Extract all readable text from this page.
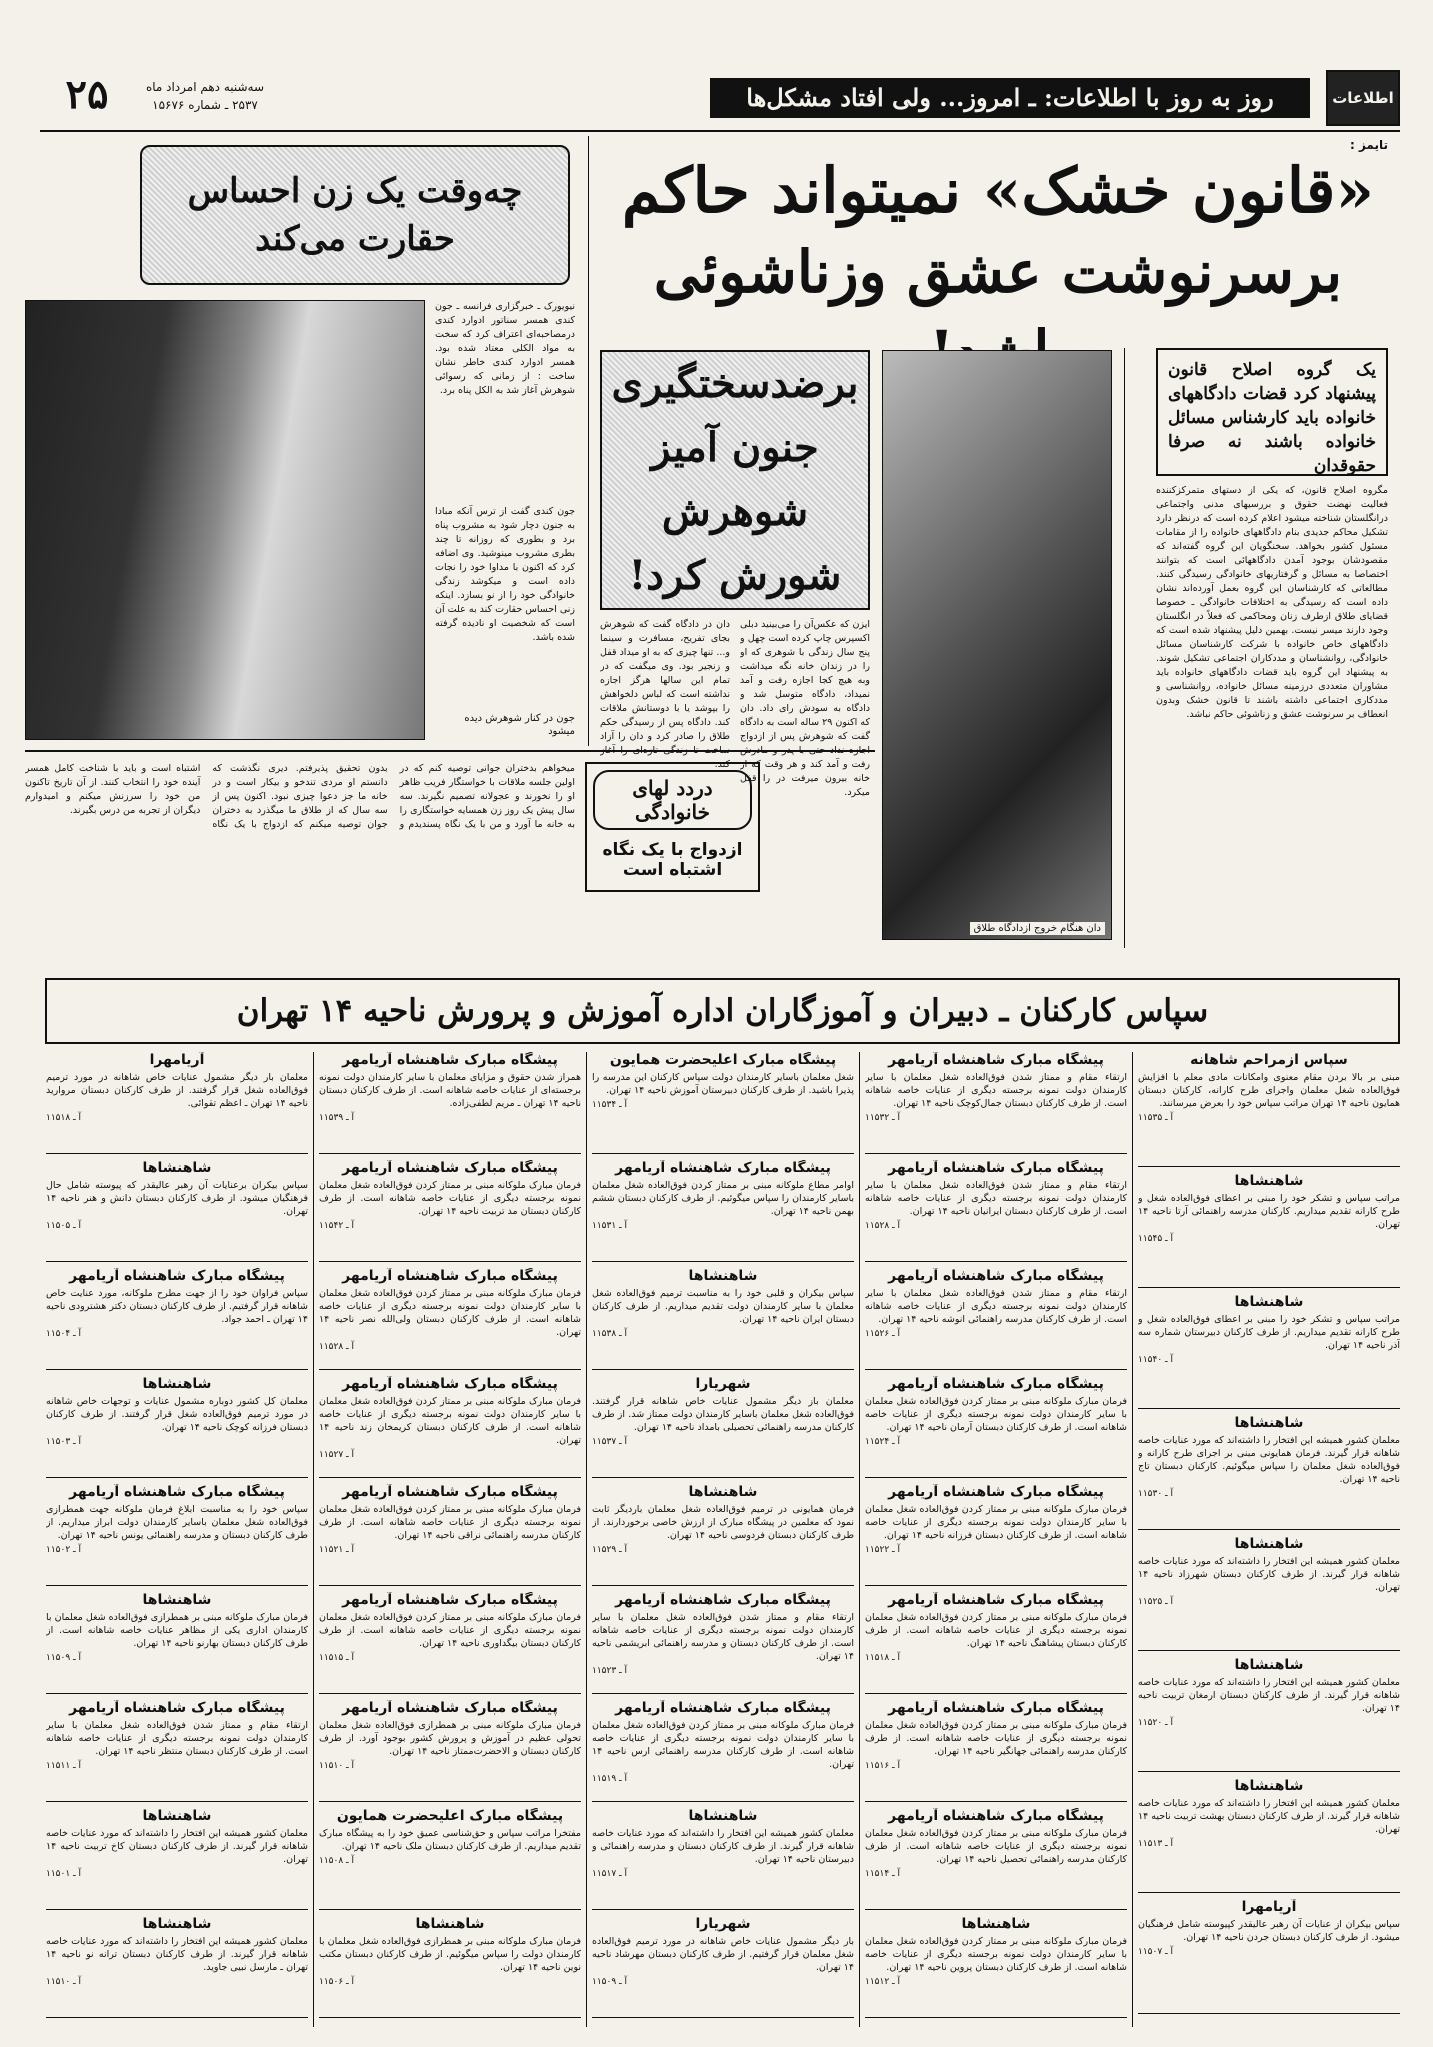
اطلاعات
روز به روز با اطلاعات: ـ امروز... ولی افتاد مشکل‌ها
سه‌شنبه دهم امرداد ماه
۲۵۳۷ ـ شماره ۱۵۶۷۶
۲۵
تایمز :
«قانون خشک» نمیتواند حاکم
برسرنوشت عشق وزناشوئی
یک گروه اصلاح قانون پیشنهاد کرد قضات دادگاههای خانواده باید کارشناس مسائل خانواده باشند نه صرفا حقوقدان
مگروه اصلاح قانون، که یکی از دستهای متمرکزکننده فعالیت نهضت حقوق و بررسیهای مدنی واجتماعی درانگلستان شناخته میشود اعلام کرده است که درنظر دارد تشکیل محاکم جدیدی بنام دادگاههای خانواده را از مقامات مسئول کشور بخواهد. سخنگویان این گروه گفته‌اند که مقصودشان بوجود آمدن دادگاههائی است که بتوانند اختصاصا به مسائل و گرفتاریهای خانوادگی رسیدگی کنند. مطالعاتی که کارشناسان این گروه بعمل آورده‌اند نشان داده است که رسیدگی به اختلافات خانوادگی ـ خصوصا قضایای طلاق ازطرف زنان ومحاکمی که فعلاً در انگلستان وجود دارند میسر نیست. بهمین دلیل پیشنهاد شده است که دادگاههای خاص خانواده با شرکت کارشناسان مسائل خانوادگی، روانشناسان و مددکاران اجتماعی تشکیل شوند. به پیشنهاد این گروه باید قضات دادگاههای خانواده باید مشاوران متعددی درزمینه مسائل خانواده، روانشناسی و مددکاری اجتماعی داشته باشند تا قانون خشک وبدون انعطاف بر سرنوشت عشق و زناشوئی حاکم نباشد.
دان هنگام خروج ازدادگاه طلاق
برضدسختگیری جنون آمیز شوهرش شورش کرد!
ایزن که عکس‌آن‌ را می‌بینید دبلی اکسپرس چاپ کرده است چهل و پنج سال زندگی با شوهری که او را در زندان خانه نگه میداشت وبه هیچ کجا اجازه رفت و آمد نمیداد، دادگاه متوسل شد و دادگاه به سودش رای داد. دان که اکنون ۲۹ ساله است به دادگاه گفت که شوهرش پس از ازدواج اجازه نداد حتی با پدر و مادرش رفت و آمد کند و هر وقت که از خانه بیرون میرفت در را قفل میکرد.
دان در دادگاه گفت که شوهرش بجای تفریح، مسافرت و سینما و... تنها چیزی که به او میداد قفل و زنجیر بود. وی میگفت که در تمام این سالها هرگز اجازه نداشته است که لباس دلخواهش را بپوشد یا با دوستانش ملاقات کند. دادگاه پس از رسیدگی حکم طلاق را صادر کرد و دان را آزاد ساخت تا زندگی تازه‌ای را آغاز کند.
چه‌وقت یک زن احساس حقارت می‌کند
نیویورک ـ خبرگزاری فرانسه ـ جون کندی همسر سناتور ادوارد کندی درمصاحبه‌ای اعتراف کرد که سخت به مواد الکلی معتاد شده بود. همسر ادوارد کندی خاطر نشان ساخت : از زمانی که رسوائی شوهرش آغاز شد به الکل پناه برد.
جون کندی گفت از ترس آنکه مبادا به جنون دچار شود به مشروب پناه برد و بطوری که روزانه تا چند بطری مشروب مینوشید. وی اضافه کرد که اکنون با مداوا خود را نجات داده است و میکوشد زندگی خانوادگی خود را از نو بسازد. اینکه زنی احساس حقارت کند به علت آن است که شخصیت او نادیده گرفته شده باشد.
جون در کنار شوهرش دیده میشود
دردد لهای خانوادگی
ازدواج با یک نگاه
اشتباه است
میخواهم بدختران جوانی توصیه کنم که در اولین جلسه ملاقات با خواستگار فریب ظاهر او را نخورند و عجولانه تصمیم نگیرند. سه سال پیش یک روز زن همسایه خواستگاری را به خانه ما آورد و من با یک نگاه پسندیدم و بدون تحقیق پذیرفتم. دیری نگذشت که دانستم او مردی تندخو و بیکار است و در خانه ما جز دعوا چیزی نبود. اکنون پس از سه سال که از طلاق ما میگذرد به دختران جوان توصیه میکنم که ازدواج با یک نگاه اشتباه است و باید با شناخت کامل همسر آینده خود را انتخاب کنند. از آن تاریخ تاکنون من خود را سرزنش میکنم و امیدوارم دیگران از تجربه من درس بگیرند.
سپاس کارکنان ـ دبیران و آموزگاران اداره آموزش و پرورش ناحیه ۱۴ تهران
سپاس ازمراحم شاهانه

مبنی بر بالا بردن مقام معنوی وامکانات مادی معلم با افزایش فوق‌العاده شغل معلمان واجرای طرح کارانه، کارکنان دبستان همایون ناحیه ۱۴ تهران مراتب سپاس خود را بعرض میرسانند.

آ ـ ۱۱۵۳۵

شاهنشاها

مراتب سپاس و تشکر خود را مبنی بر اعطای فوق‌العاده شغل و طرح کارانه تقدیم میداریم. کارکنان مدرسه راهنمائی آرتا ناحیه ۱۴ تهران.

آ ـ ۱۱۵۴۵

شاهنشاها

مراتب سپاس و تشکر خود را مبنی بر اعطای فوق‌العاده شغل و طرح کارانه تقدیم میداریم. از طرف کارکنان دبیرستان شماره سه آذر ناحیه ۱۴ تهران.

آ ـ ۱۱۵۴۰

شاهنشاها

معلمان کشور همیشه این افتخار را داشته‌اند که مورد عنایات خاصه شاهانه قرار گیرند. فرمان همایونی مبنی بر اجرای طرح کارانه و فوق‌العاده شغل معلمان را سپاس میگوئیم. کارکنان دبستان تاج ناحیه ۱۴ تهران.

آ ـ ۱۱۵۳۰

شاهنشاها

معلمان کشور همیشه این افتخار را داشته‌اند که مورد عنایات خاصه شاهانه قرار گیرند. از طرف کارکنان دبستان شهرزاد ناحیه ۱۴ تهران.

آ ـ ۱۱۵۲۵

شاهنشاها

معلمان کشور همیشه این افتخار را داشته‌اند که مورد عنایات خاصه شاهانه قرار گیرند. از طرف کارکنان دبستان ارمغان تربیت ناحیه ۱۴ تهران.

آ ـ ۱۱۵۲۰

شاهنشاها

معلمان کشور همیشه این افتخار را داشته‌اند که مورد عنایات خاصه شاهانه قرار گیرند. از طرف کارکنان دبستان بهشت تربیت ناحیه ۱۴ تهران.

آ ـ ۱۱۵۱۳

آریامهرا

سپاس بیکران از عنایات آن رهبر عالیقدر کپیوسته شامل فرهنگیان میشود. از طرف کارکنان دبستان جردن ناحیه ۱۴ تهران.

آ ـ ۱۱۵۰۷

پیشگاه مبارک شاهنشاه آریامهر

ارتقاء مقام و ممتاز شدن فوق‌العاده شغل معلمان با سایر کارمندان دولت نمونه برجسته دیگری از عنایات خاصه شاهانه است. از طرف کارکنان دبستان جمال‌کوچک ناحیه ۱۴ تهران.

آ ـ ۱۱۵۳۲

پیشگاه مبارک شاهنشاه آریامهر

ارتقاء مقام و ممتاز شدن فوق‌العاده شغل معلمان با سایر کارمندان دولت نمونه برجسته دیگری از عنایات خاصه شاهانه است. از طرف کارکنان دبستان ایرانیان ناحیه ۱۴ تهران.

آ ـ ۱۱۵۲۸

پیشگاه مبارک شاهنشاه آریامهر

ارتقاء مقام و ممتاز شدن فوق‌العاده شغل معلمان با سایر کارمندان دولت نمونه برجسته دیگری از عنایات خاصه شاهانه است. از طرف کارکنان مدرسه راهنمائی انوشه ناحیه ۱۴ تهران.

آ ـ ۱۱۵۲۶

پیشگاه مبارک شاهنشاه آریامهر

فرمان مبارک ملوکانه مبنی بر ممتاز کردن فوق‌العاده شغل معلمان با سایر کارمندان دولت نمونه برجسته دیگری از عنایات خاصه شاهانه است. از طرف کارکنان دبستان آرمان ناحیه ۱۴ تهران.

آ ـ ۱۱۵۲۴

پیشگاه مبارک شاهنشاه آریامهر

فرمان مبارک ملوکانه مبنی بر ممتاز کردن فوق‌العاده شغل معلمان با سایر کارمندان دولت نمونه برجسته دیگری از عنایات خاصه شاهانه است. از طرف کارکنان دبستان فرزانه ناحیه ۱۴ تهران.

آ ـ ۱۱۵۲۲

پیشگاه مبارک شاهنشاه آریامهر

فرمان مبارک ملوکانه مبنی بر ممتاز کردن فوق‌العاده شغل معلمان نمونه برجسته دیگری از عنایات خاصه شاهانه است. از طرف کارکنان دبستان پیشاهنگ ناحیه ۱۴ تهران.

آ ـ ۱۱۵۱۸

پیشگاه مبارک شاهنشاه آریامهر

فرمان مبارک ملوکانه مبنی بر ممتاز کردن فوق‌العاده شغل معلمان نمونه برجسته دیگری از عنایات خاصه شاهانه است. از طرف کارکنان مدرسه راهنمائی جهانگیر ناحیه ۱۴ تهران.

آ ـ ۱۱۵۱۶

پیشگاه مبارک شاهنشاه آریامهر

فرمان مبارک ملوکانه مبنی بر ممتاز کردن فوق‌العاده شغل معلمان نمونه برجسته دیگری از عنایات خاصه شاهانه است. از طرف کارکنان مدرسه راهنمائی تحصیل ناحیه ۱۴ تهران.

آ ـ ۱۱۵۱۴

شاهنشاها

فرمان مبارک ملوکانه مبنی بر ممتاز کردن فوق‌العاده شغل معلمان با سایر کارمندان دولت نمونه برجسته دیگری از عنایات خاصه شاهانه است. از طرف کارکنان دبستان پروین ناحیه ۱۴ تهران.

آ ـ ۱۱۵۱۲

پیشگاه مبارک اعلیحضرت همایون

شغل معلمان باسایر کارمندان دولت سپاس کارکنان این مدرسه را پذیرا باشید. از طرف کارکنان دبیرستان آموزش ناحیه ۱۴ تهران.

آ ـ ۱۱۵۳۴

پیشگاه مبارک شاهنشاه آریامهر

اوامر مطاع ملوکانه مبنی بر ممتاز کردن فوق‌العاده شغل معلمان باسایر کارمندان را سپاس میگوئیم. از طرف کارکنان دبستان ششم بهمن ناحیه ۱۴ تهران.

آ ـ ۱۱۵۳۱

شاهنشاها

سپاس بیکران و قلبی خود را به مناسبت ترمیم فوق‌العاده شغل معلمان با سایر کارمندان دولت تقدیم میداریم. از طرف کارکنان دبستان ایران ناحیه ۱۴ تهران.

آ ـ ۱۱۵۳۸

شهریارا

معلمان باز دیگر مشمول عنایات خاص شاهانه قرار گرفتند. فوق‌العاده شغل معلمان باسایر کارمندان دولت ممتاز شد. از طرف کارکنان مدرسه راهنمائی تحصیلی بامداد ناحیه ۱۴ تهران.

آ ـ ۱۱۵۳۷

شاهنشاها

فرمان همایونی در ترمیم فوق‌العاده شغل معلمان باردیگر ثابت نمود که معلمین در پیشگاه مبارک از ارزش خاصی برخوردارند. از طرف کارکنان دبستان فردوسی ناحیه ۱۴ تهران.

آ ـ ۱۱۵۲۹

پیشگاه مبارک شاهنشاه آریامهر

ارتقاء مقام و ممتاز شدن فوق‌العاده شغل معلمان با سایر کارمندان دولت نمونه برجسته دیگری از عنایات خاصه شاهانه است. از طرف کارکنان دبستان و مدرسه راهنمائی ابریشمی ناحیه ۱۴ تهران.

آ ـ ۱۱۵۲۳

پیشگاه مبارک شاهنشاه آریامهر

فرمان مبارک ملوکانه مبنی بر ممتاز کردن فوق‌العاده شغل معلمان با سایر کارمندان دولت نمونه برجسته دیگری از عنایات خاصه شاهانه است. از طرف کارکنان مدرسه راهنمائی ارس ناحیه ۱۴ تهران.

آ ـ ۱۱۵۱۹

شاهنشاها

معلمان کشور همیشه این افتخار را داشته‌اند که مورد عنایات خاصه شاهانه قرار گیرند. از طرف کارکنان دبستان و مدرسه راهنمائی و دبیرستان ناحیه ۱۴ تهران.

آ ـ ۱۱۵۱۷

شهریارا

بار دیگر مشمول عنایات خاص شاهانه در مورد ترمیم فوق‌العاده شغل معلمان قرار گرفتیم. از طرف کارکنان دبستان مهرشاد ناحیه ۱۴ تهران.

آ ـ ۱۱۵۰۹

پیشگاه مبارک شاهنشاه آریامهر

همراز شدن حقوق و مزایای معلمان با سایر کارمندان دولت نمونه برجسته‌ای از عنایات خاصه شاهانه است. از طرف کارکنان دبستان ناحیه ۱۴ تهران ـ مریم لطفی‌زاده.

آ ـ ۱۱۵۳۹

پیشگاه مبارک شاهنشاه آریامهر

فرمان مبارک ملوکانه مبنی بر ممتاز کردن فوق‌العاده شغل معلمان نمونه برجسته دیگری از عنایات خاصه شاهانه است. از طرف کارکنان دبستان مد تربیت ناحیه ۱۴ تهران.

آ ـ ۱۱۵۴۲

پیشگاه مبارک شاهنشاه آریامهر

فرمان مبارک ملوکانه مبنی بر ممتاز کردن فوق‌العاده شغل معلمان با سایر کارمندان دولت نمونه برجسته دیگری از عنایات خاصه شاهانه است. از طرف کارکنان دبستان ولی‌الله نصر ناحیه ۱۴ تهران.

آ ـ ۱۱۵۲۸

پیشگاه مبارک شاهنشاه آریامهر

فرمان مبارک ملوکانه مبنی بر ممتاز کردن فوق‌العاده شغل معلمان با سایر کارمندان دولت نمونه برجسته دیگری از عنایات خاصه شاهانه است. از طرف کارکنان دبستان کریمخان زند ناحیه ۱۴ تهران.

آ ـ ۱۱۵۲۷

پیشگاه مبارک شاهنشاه آریامهر

فرمان مبارک ملوکانه مبنی بر ممتاز کردن فوق‌العاده شغل معلمان نمونه برجسته دیگری از عنایات خاصه شاهانه است. از طرف کارکنان مدرسه راهنمائی نراقی ناحیه ۱۴ تهران.

آ ـ ۱۱۵۲۱

پیشگاه مبارک شاهنشاه آریامهر

فرمان مبارک ملوکانه مبنی بر ممتاز کردن فوق‌العاده شغل معلمان نمونه برجسته دیگری از عنایات خاصه شاهانه است. از طرف کارکنان دبستان بیگداوری ناحیه ۱۴ تهران.

آ ـ ۱۱۵۱۵

پیشگاه مبارک شاهنشاه آریامهر

فرمان مبارک ملوکانه مبنی بر همطرازی فوق‌العاده شغل معلمان تحولی عظیم در آموزش و پرورش کشور بوجود آورد. از طرف کارکنان دبستان و الاحضرت‌ممتاز ناحیه ۱۴ تهران.

آ ـ ۱۱۵۱۰

پیشگاه مبارک اعلیحضرت همایون

مفتخرا مراتب سپاس و حق‌شناسی عمیق خود را به پیشگاه مبارک تقدیم میداریم. از طرف کارکنان دبستان ملک ناحیه ۱۴ تهران.

آ ـ ۱۱۵۰۸

شاهنشاها

فرمان مبارک ملوکانه مبنی بر همطرازی فوق‌العاده شغل معلمان با کارمندان دولت را سپاس میگوئیم. از طرف کارکنان دبستان مکتب نوین ناحیه ۱۴ تهران.

آ ـ ۱۱۵۰۶

آریامهرا

معلمان بار دیگر مشمول عنایات خاص شاهانه در مورد ترمیم فوق‌العاده شغل قرار گرفتند. از طرف کارکنان دبستان مروارید ناحیه ۱۴ تهران ـ اعظم تقوائی.

آ ـ ۱۱۵۱۸

شاهنشاها

سپاس بیکران برعنایات آن رهبر عالیقدر که پیوسته شامل حال فرهنگیان میشود. از طرف کارکنان دبستان دانش و هنر ناحیه ۱۴ تهران.

آ ـ ۱۱۵۰۵

پیشگاه مبارک شاهنشاه آریامهر

سپاس فراوان خود را از جهت مطرح ملوکانه، مورد عنایت خاص شاهانه قرار گرفتیم. از طرف کارکنان دبستان دکتر هشترودی ناحیه ۱۴ تهران ـ احمد جواد.

آ ـ ۱۱۵۰۴

شاهنشاها

معلمان کل کشور دوباره مشمول عنایات و توجهات خاص شاهانه در مورد ترمیم فوق‌العاده شغل قرار گرفتند. از طرف کارکنان دبستان فرزانه کوچک ناحیه ۱۴ تهران.

آ ـ ۱۱۵۰۳

پیشگاه مبارک شاهنشاه آریامهر

سپاس خود را به مناسبت ابلاغ فرمان ملوکانه جهت همطرازی فوق‌العاده شغل معلمان باسایر کارمندان دولت ابراز میداریم. از طرف کارکنان دبستان و مدرسه راهنمائی یونس ناحیه ۱۴ تهران.

آ ـ ۱۱۵۰۲

شاهنشاها

فرمان مبارک ملوکانه مبنی بر همطرازی فوق‌العاده شغل معلمان با کارمندان اداری یکی از مظاهر عنایات خاصه شاهانه است. از طرف کارکنان دبستان بهارنو ناحیه ۱۴ تهران.

آ ـ ۱۱۵۰۹

پیشگاه مبارک شاهنشاه آریامهر

ارتقاء مقام و ممتاز شدن فوق‌العاده شغل معلمان با سایر کارمندان دولت نمونه برجسته دیگری از عنایات خاصه شاهانه است. از طرف کارکنان دبستان منتظر ناحیه ۱۴ تهران.

آ ـ ۱۱۵۱۱

شاهنشاها

معلمان کشور همیشه این افتخار را داشته‌اند که مورد عنایات خاصه شاهانه قرار گیرند. از طرف کارکنان دبستان کاخ تربیت ناحیه ۱۴ تهران.

آ ـ ۱۱۵۰۱

شاهنشاها

معلمان کشور همیشه این افتخار را داشته‌اند که مورد عنایات خاصه شاهانه قرار گیرند. از طرف کارکنان دبستان ترانه نو ناحیه ۱۴ تهران ـ مارسل نبیی جاوید.

آ ـ ۱۱۵۱۰
